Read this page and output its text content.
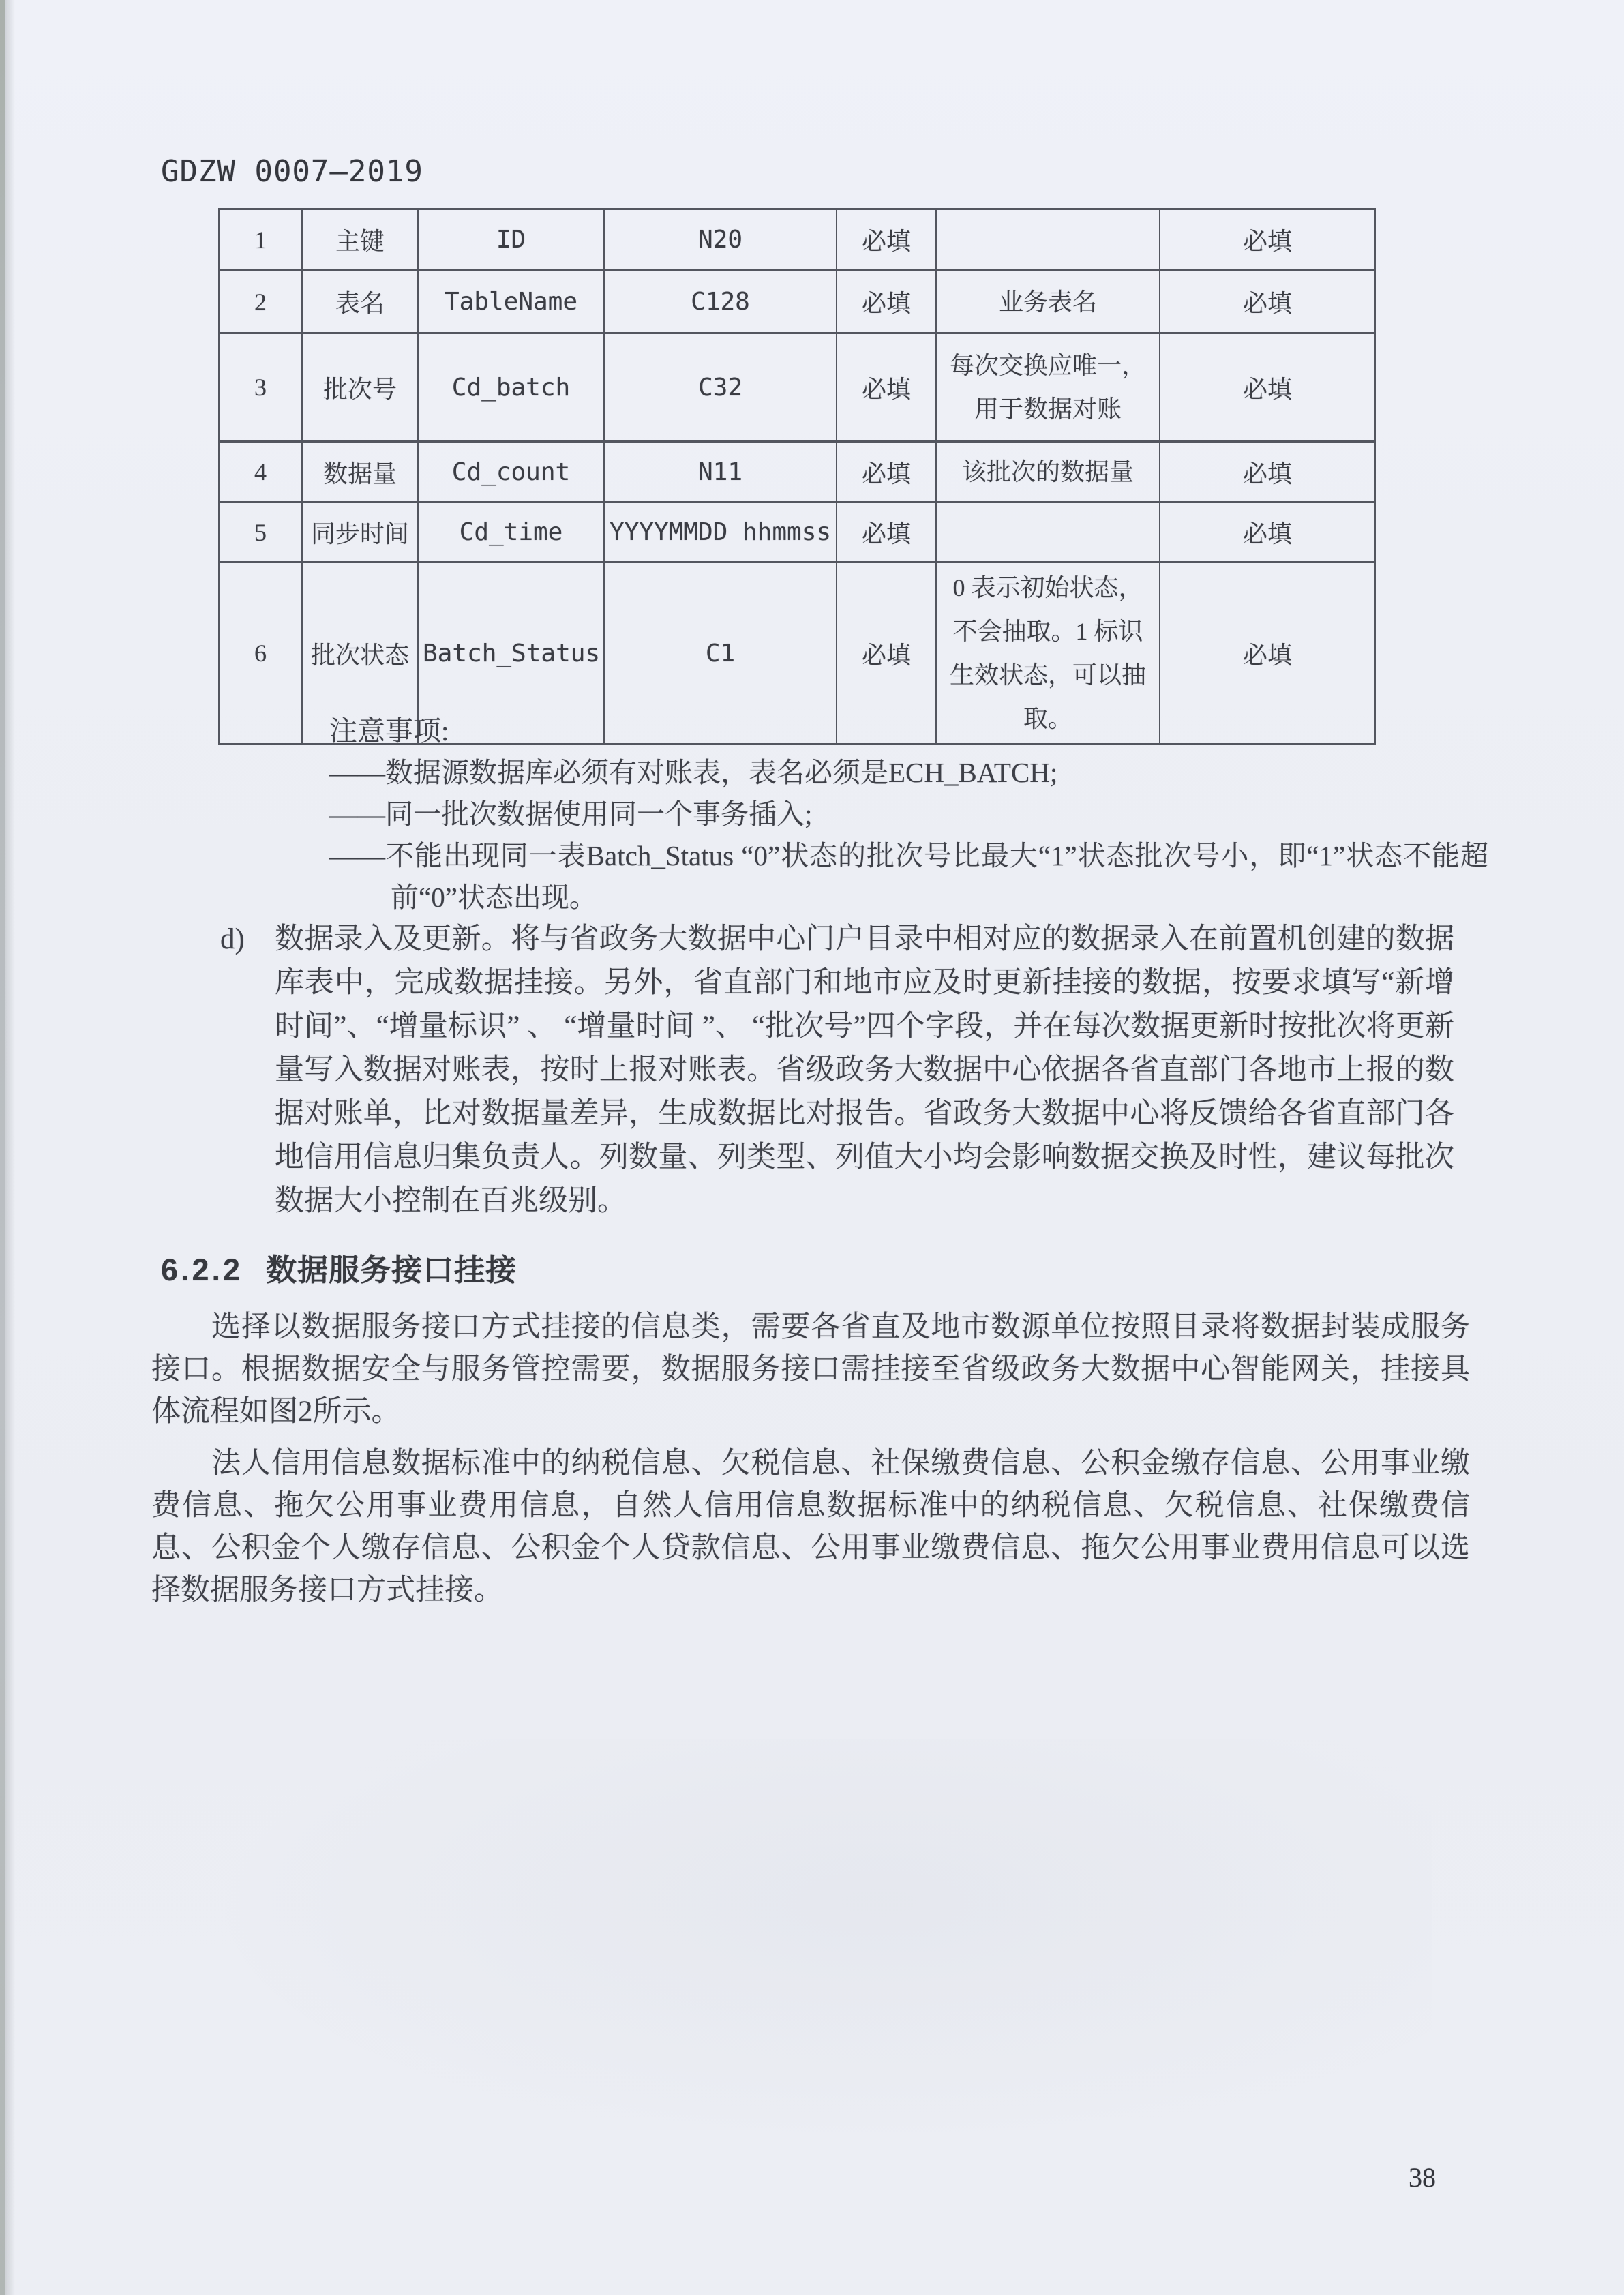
GDZW 0007—2019
1	主键	ID	N20	必填		必填
2	表名	TableName	C128	必填	业务表名	必填
3	批次号	Cd_batch	C32	必填	每次交换应唯一，用于数据对账	必填
4	数据量	Cd_count	N11	必填	该批次的数据量	必填
5	同步时间	Cd_time	YYYYMMDD hhmmss	必填		必填
6	批次状态	Batch_Status	C1	必填	0 表示初始状态，不会抽取。1 标识生效状态，可以抽取。	必填
注意事项:
——数据源数据库必须有对账表，表名必须是ECH_BATCH;
——同一批次数据使用同一个事务插入;
——不能出现同一表Batch_Status “0”状态的批次号比最大“1”状态批次号小，即“1”状态不能超前“0”状态出现。
d)	数据录入及更新。将与省政务大数据中心门户目录中相对应的数据录入在前置机创建的数据库表中，完成数据挂接。另外，省直部门和地市应及时更新挂接的数据，按要求填写“新增时间”、“增量标识” 、 “增量时间 ”、 “批次号”四个字段，并在每次数据更新时按批次将更新量写入数据对账表，按时上报对账表。省级政务大数据中心依据各省直部门各地市上报的数据对账单，比对数据量差异，生成数据比对报告。省政务大数据中心将反馈给各省直部门各地信用信息归集负责人。列数量、列类型、列值大小均会影响数据交换及时性，建议每批次数据大小控制在百兆级别。
6.2.2 数据服务接口挂接

选择以数据服务接口方式挂接的信息类，需要各省直及地市数源单位按照目录将数据封装成服务接口。根据数据安全与服务管控需要，数据服务接口需挂接至省级政务大数据中心智能网关，挂接具体流程如图2所示。

法人信用信息数据标准中的纳税信息、欠税信息、社保缴费信息、公积金缴存信息、公用事业缴费信息、拖欠公用事业费用信息，自然人信用信息数据标准中的纳税信息、欠税信息、社保缴费信息、公积金个人缴存信息、公积金个人贷款信息、公用事业缴费信息、拖欠公用事业费用信息可以选择数据服务接口方式挂接。

38
